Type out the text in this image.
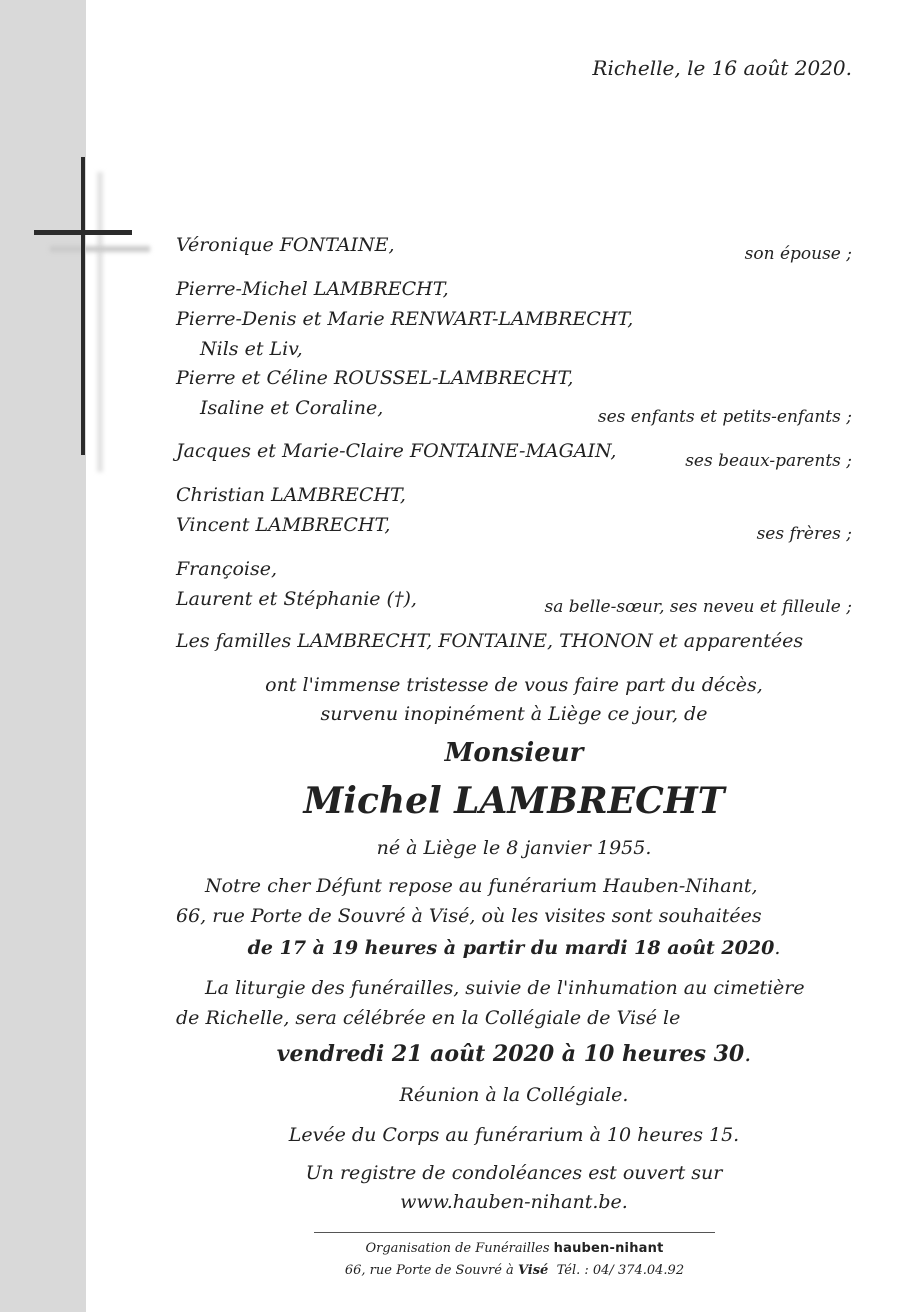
Richelle, le 16 août 2020.
Véronique FONTAINE,	son épouse ;
Pierre-Michel LAMBRECHT,
Pierre-Denis et Marie RENWART-LAMBRECHT,
Nils et Liv,
Pierre et Céline ROUSSEL-LAMBRECHT,
Isaline et Coraline,	ses enfants et petits-enfants ;
Jacques et Marie-Claire FONTAINE-MAGAIN,	ses beaux-parents ;
Christian LAMBRECHT,
Vincent LAMBRECHT,	ses frères ;
Françoise,
Laurent et Stéphanie (†),	sa belle-sœur, ses neveu et filleule ;
Les familles LAMBRECHT, FONTAINE, THONON et apparentées
ont l'immense tristesse de vous faire part du décès,
survenu inopinément à Liège ce jour, de
Monsieur
Michel LAMBRECHT
né à Liège le 8 janvier 1955.
Notre cher Défunt repose au funérarium Hauben-Nihant,
66, rue Porte de Souvré à Visé, où les visites sont souhaitées
de 17 à 19 heures à partir du mardi 18 août 2020.
La liturgie des funérailles, suivie de l'inhumation au cimetière
de Richelle, sera célébrée en la Collégiale de Visé le
vendredi 21 août 2020 à 10 heures 30.
Réunion à la Collégiale.
Levée du Corps au funérarium à 10 heures 15.
Un registre de condoléances est ouvert sur
www.hauben-nihant.be.
Organisation de Funérailles hauben-nihant
66, rue Porte de Souvré à Visé Tél. : 04/ 374.04.92
